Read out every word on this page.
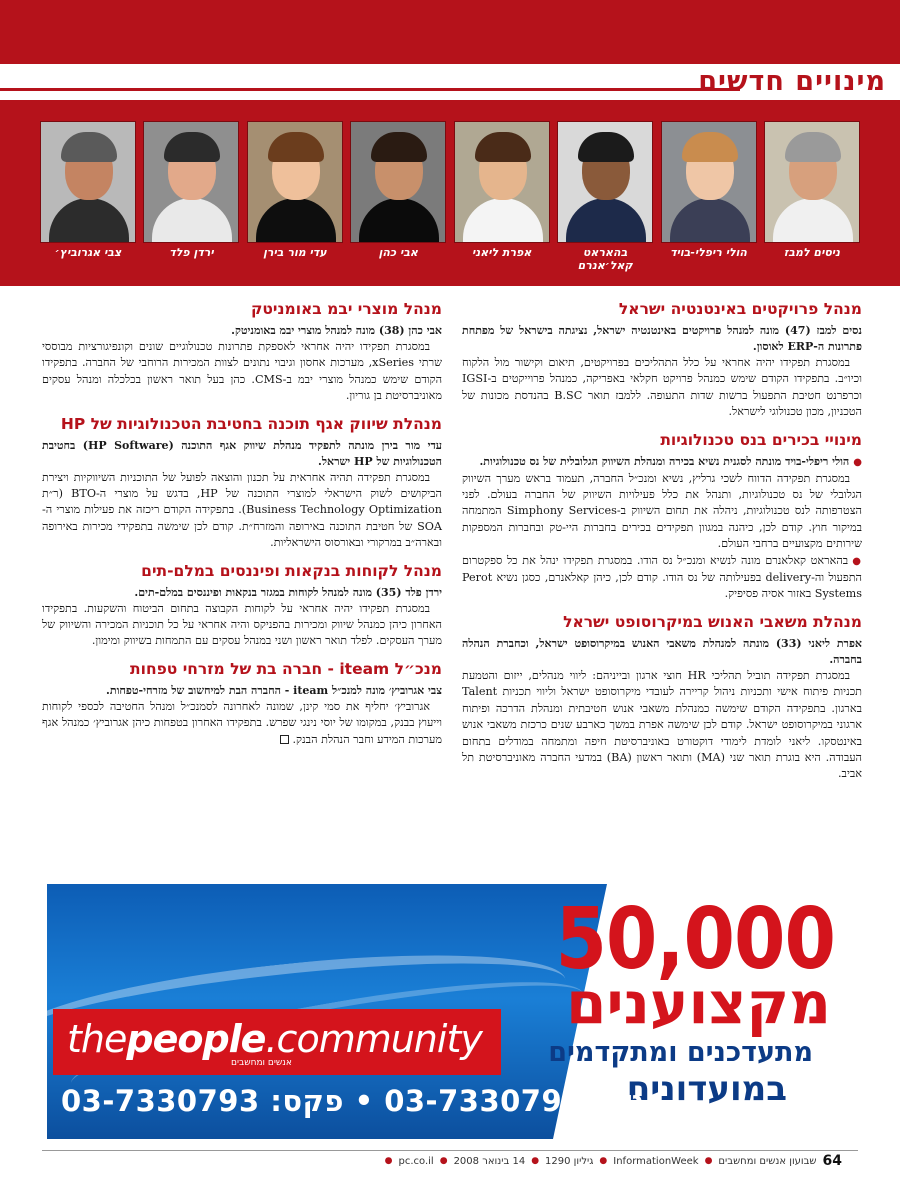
מינויים חדשים
ניסים למבז
הולי ריפלי-בויד
בהאראט קאל׳אנרם
אפרת ליאני
אבי כהן
עדי מור בירן
ירדן פלד
צבי אגרוביץ׳
מנהל פרויקטים באינטנטיה ישראל
נסים למבז (47) מונה למנהל פרויקטים באינטנטיה ישראל, נציגתה בישראל של מפתחת פתרונות ה-ERP לאוסון.
במסגרת תפקידו יהיה אחראי על כלל התהליכים בפרויקטים, תיאום וקישור מול הלקוח וכיו״ב. בתפקידו הקודם שימש כמנהל פרויקט חקלאי באפריקה, כמנהל פרוייקטים ב-IGSI וכרפרנט חטיבת התפעול ברשות שדות התעופה. ללמבז תואר B.SC בהנדסת מכונות של הטכניון, מכון טכנולוגי לישראל.
מינויי בכירים בנס טכנולוגיות
● הולי ריפלי-בויד מונתה לסגנית נשיא בכירה ומנהלת השיווק הגלובלית של נס טכנולוגיות.
במסגרת תפקידה הדווח לשכי גרליץ, נשיא ומנכ״ל החברה, תעמוד בראש מערך השיווק הגלובלי של נס טכנולוגיות, ותנהל את כלל פעילויות השיווק של החברה בעולם. לפני הצטרפותה לנס טכנולוגיות, ניהלה את תחום השיווק ב-Simphony Services המתמחה במיקור חוץ. קודם לכן, כיהנה במגוון תפקידים בכירים בחברות היי-טק ובחברות המספקות שירותים מקצועיים ברחבי העולם.
● בהאראט קאלאנרם מונה לנשיא ומנכ״ל נס הודו. במסגרת תפקידו ינהל את כל ספקטרום התפעול וה-delivery בפעילותה של נס הודו. קודם לכן, כיהן קאלאנרם, כסגן נשיא Perot Systems באזור אסיה פסיפיק.
מנהלת משאבי האנוש במיקרוסופט ישראל
אפרת ליאני (33) מונתה למנהלת משאבי האנוש במיקרוסופט ישראל, וכחברת הנהלה בחברה.
במסגרת תפקידה תוביל תהליכי HR חוצי ארגון ובייניהם: ליווי מנהלים, ייזום והטמעת תכניות פיתוח אישי ותכניות ניהול קריירה לעובדי מיקרוסופט ישראל וליווי תכניות Talent בארגון. בתפקידה הקודם שימשה כמנהלת משאבי אנוש חטיבתית ומנהלת הדרכה ופיתוח ארגוני במיקרוסופט ישראל. קודם לכן שימשה אפרת במשך כארבע שנים כרכזת משאבי אנוש באינטסקו. ליאני לומדת לימודי דוקטורט באוניברסיטת חיפה ומתמחה במודלים בתחום העבודה. היא בוגרת תואר שני (MA) ותואר ראשון (BA) במדעי החברה מאוניברסיטת תל אביב.
מנהל מוצרי יבמ באומניטק
אבי כהן (38) מונה למנהל מוצרי יבמ באומניטק.
במסגרת תפקידו יהיה אחראי לאספקת פתרונות טכנולוגיים שונים וקונפיגורציות מבוססי שרתי xSeries, מערכות אחסון וגיבוי נתונים לצוות המכירות הרוחבי של החברה. בתפקידו הקודם שימש כמנהל מוצרי יבמ ב-CMS. כהן בעל תואר ראשון בכלכלה ומנהל עסקים מאוניברסיטת בן גוריון.
מנהלת שיווק אגף תוכנה בחטיבת הטכנולוגיות של HP
עדי מור בירן מונתה לתפקיד מנהלת שיווק אגף התוכנה (HP Software) בחטיבת הטכנולוגיות של HP ישראל.
במסגרת תפקידה תהיה אחראית על תכנון והוצאה לפועל של התוכניות השיווקיות ויצירת הביקושים לשוק הישראלי למוצרי התוכנה של HP, בדגש על מוצרי ה-BTO (ר״ת Business Technology Optimization). בתפקידה הקודם ריכזה את פעילות מוצרי ה-SOA של חטיבת התוכנה באירופה והמזרח״ת. קודם לכן שימשה בתפקידי מכירות באירופה ובארה״ב במרקורי ובאורסוס הישראליות.
מנהל לקוחות בנקאות ופיננסים במלם-תים
ירדן פלד (35) מונה למנהל לקוחות במגזר בנקאות ופיננסים במלם-תים.
במסגרת תפקידו יהיה אחראי על לקוחות הקבוצה בתחום הביטוח והשקעות. בתפקידו האחרון כיהן כמנהל שיווק ומכירות בהפניקס והיה אחראי על כל תוכניות המכירה והשיווק של מערך העסקים. לפלד תואר ראשון ושני במנהל עסקים עם התמחות בשיווק ומימון.
מנכ״ל iteam - חברה בת של מזרחי טפחות
צבי אגרוביץ׳ מונה למנכ״ל iteam - החברה הבת למיחשוב של מזרחי-טפחות.
אגרוביץ׳ יחליף את סמי קינן, שמונה לאחרונה לסמנכ״ל ומנהל החטיבה לכספי לקוחות וייעוץ בבנק, במקומו של יוסי נינגי שפרש. בתפקידו האחרון בטפחות כיהן אגרוביץ׳ כמנהל אגף מערכות המידע וחבר הנהלת הבנק.
50,000
מקצוענים
מתעדכנים ומתקדמים
במועדונים
thepeople.community
אנשים ומחשבים
טל: 03-7330799 • פקס: 03-7330793
64
שבועון אנשים ומחשבים
●
InformationWeek
●
גיליון 1290
●
14 בינואר 2008
●
pc.co.il
●
